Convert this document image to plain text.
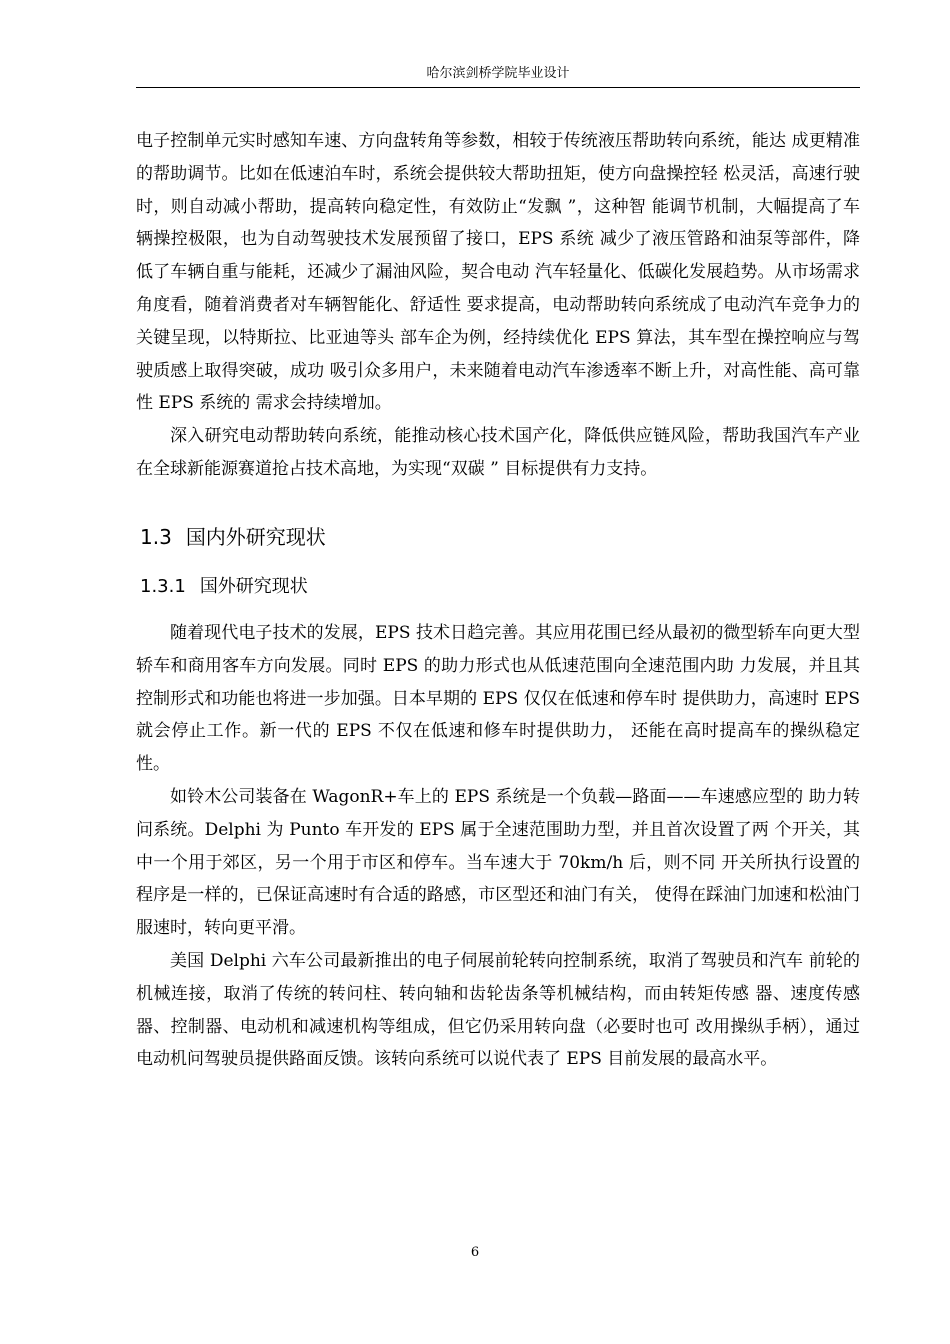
哈尔滨剑桥学院毕业设计

电子控制单元实时感知车速、方向盘转角等参数，相较于传统液压帮助转向系统，能达 成更精准的帮助调节。比如在低速泊车时，系统会提供较大帮助扭矩，使方向盘操控轻 松灵活，高速行驶时，则自动减小帮助，提高转向稳定性，有效防止“发飘 ”，这种智 能调节机制，大幅提高了车辆操控极限，也为自动驾驶技术发展预留了接口，EPS 系统 减少了液压管路和油泵等部件，降低了车辆自重与能耗，还减少了漏油风险，契合电动 汽车轻量化、低碳化发展趋势。从市场需求角度看，随着消费者对车辆智能化、舒适性 要求提高，电动帮助转向系统成了电动汽车竞争力的关键呈现，以特斯拉、比亚迪等头 部车企为例，经持续优化 EPS 算法，其车型在操控响应与驾驶质感上取得突破，成功 吸引众多用户，未来随着电动汽车渗透率不断上升，对高性能、高可靠性 EPS 系统的 需求会持续增加。

深入研究电动帮助转向系统，能推动核心技术国产化，降低供应链风险，帮助我国汽车产业在全球新能源赛道抢占技术高地，为实现“双碳 ” 目标提供有力支持。

1.3 国内外研究现状
1.3.1 国外研究现状

随着现代电子技术的发展，EPS 技术日趋完善。其应用花围已经从最初的微型轿车向更大型轿车和商用客车方向发展。同时 EPS 的助力形式也从低速范围向全速范围内助 力发展，并且其控制形式和功能也将进一步加强。日本早期的 EPS 仅仅在低速和停车时 提供助力，高速时 EPS 就会停止工作。新一代的 EPS 不仅在低速和修车时提供助力， 还能在高时提高车的操纵稳定性。

如铃木公司装备在 WagonR+车上的 EPS 系统是一个负载—路面——车速感应型的 助力转问系统。Delphi 为 Punto 车开发的 EPS 属于全速范围助力型，并且首次设置了两 个开关，其中一个用于郊区，另一个用于市区和停车。当车速大于 70km/h 后，则不同 开关所执行设置的程序是一样的，已保证高速时有合适的路感，市区型还和油门有关， 使得在踩油门加速和松油门服速时，转向更平滑。

美国 Delphi 六车公司最新推出的电子伺展前轮转向控制系统，取消了驾驶员和汽车 前轮的机械连接，取消了传统的转问柱、转向轴和齿轮齿条等机械结构，而由转矩传感 器、速度传感器、控制器、电动机和减速机构等组成，但它仍采用转向盘（必要时也可 改用操纵手柄），通过电动机问驾驶员提供路面反馈。该转向系统可以说代表了 EPS 目前发展的最高水平。

6
